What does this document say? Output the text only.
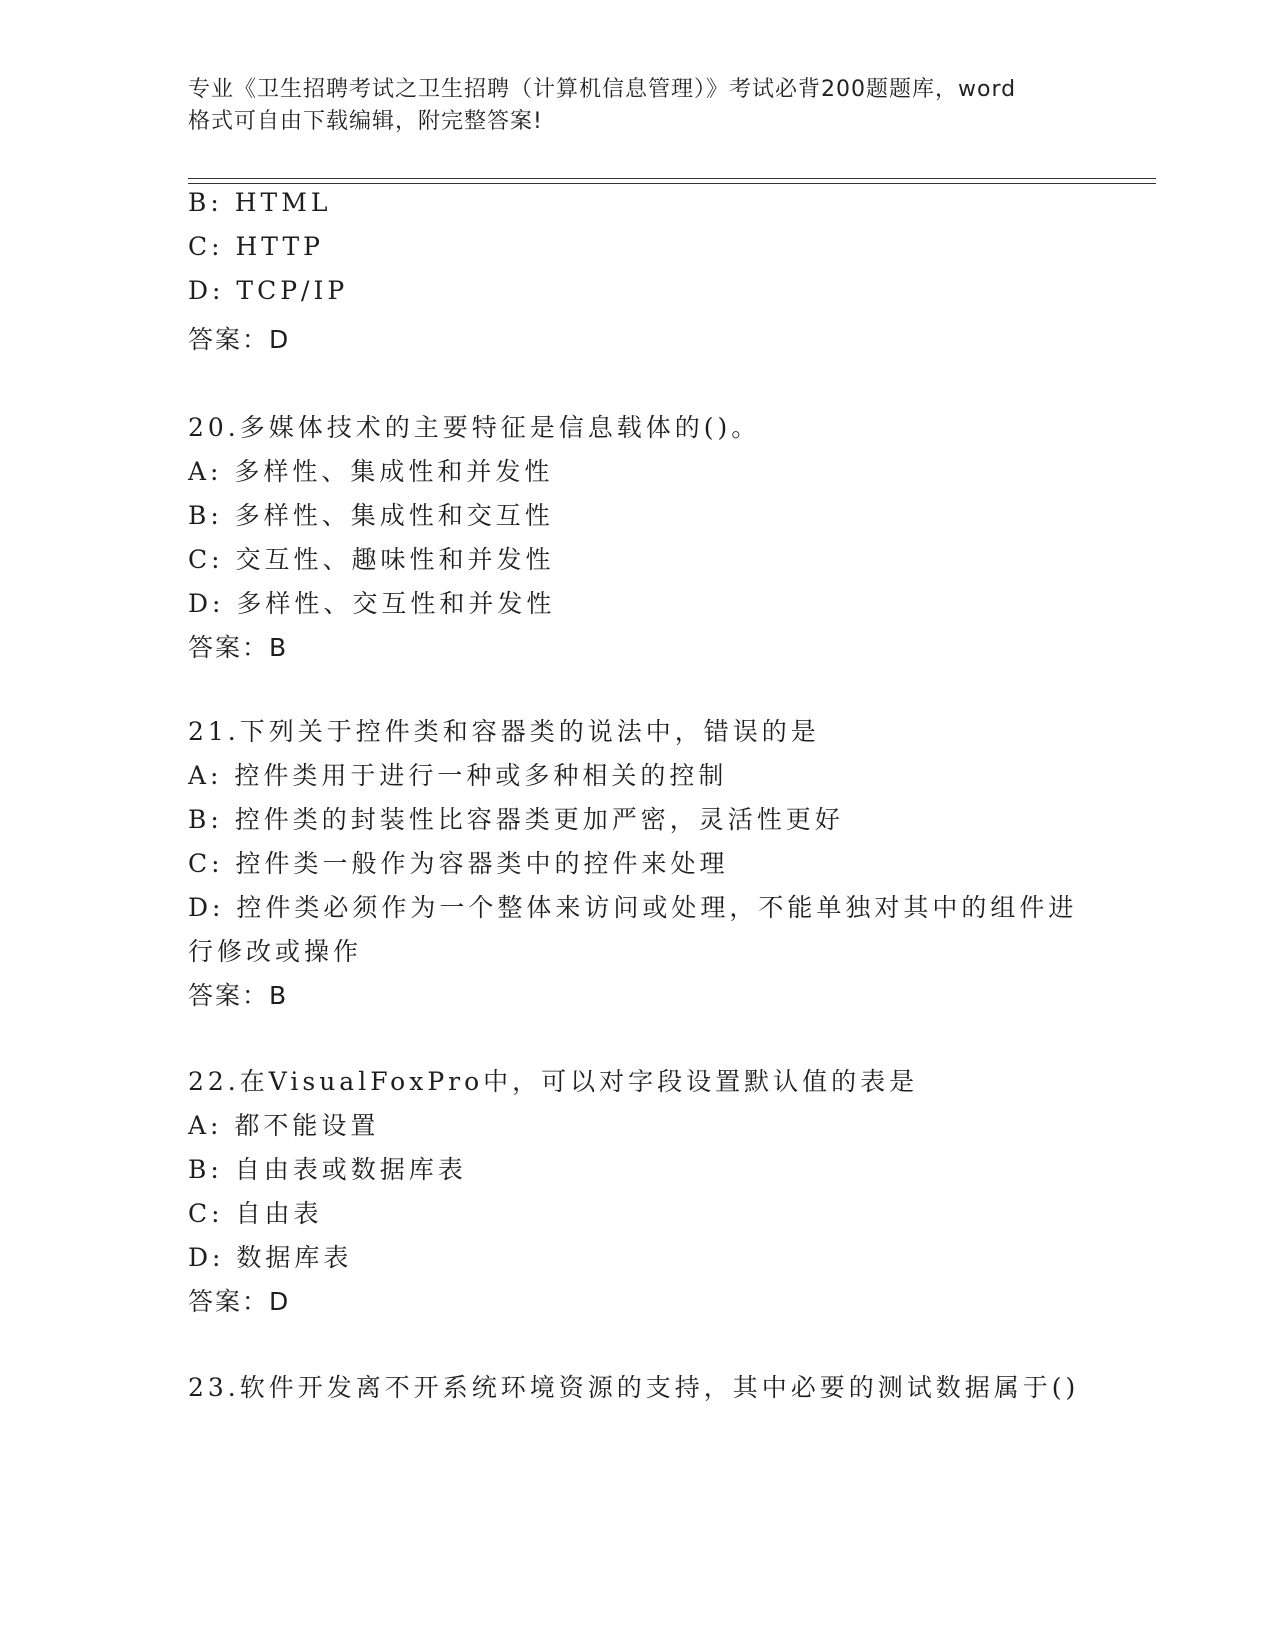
专业《卫生招聘考试之卫生招聘（计算机信息管理）》考试必背200题题库，word
格式可自由下载编辑，附完整答案!
B: HTML
C: HTTP
D: TCP/IP
答案：D
20.多媒体技术的主要特征是信息载体的()。
A: 多样性、集成性和并发性
B: 多样性、集成性和交互性
C: 交互性、趣味性和并发性
D: 多样性、交互性和并发性
答案：B
21.下列关于控件类和容器类的说法中，错误的是
A: 控件类用于进行一种或多种相关的控制
B: 控件类的封装性比容器类更加严密，灵活性更好
C: 控件类一般作为容器类中的控件来处理
D: 控件类必须作为一个整体来访问或处理，不能单独对其中的组件进
行修改或操作
答案：B
22.在VisualFoxPro中，可以对字段设置默认值的表是
A: 都不能设置
B: 自由表或数据库表
C: 自由表
D: 数据库表
答案：D
23.软件开发离不开系统环境资源的支持，其中必要的测试数据属于()
